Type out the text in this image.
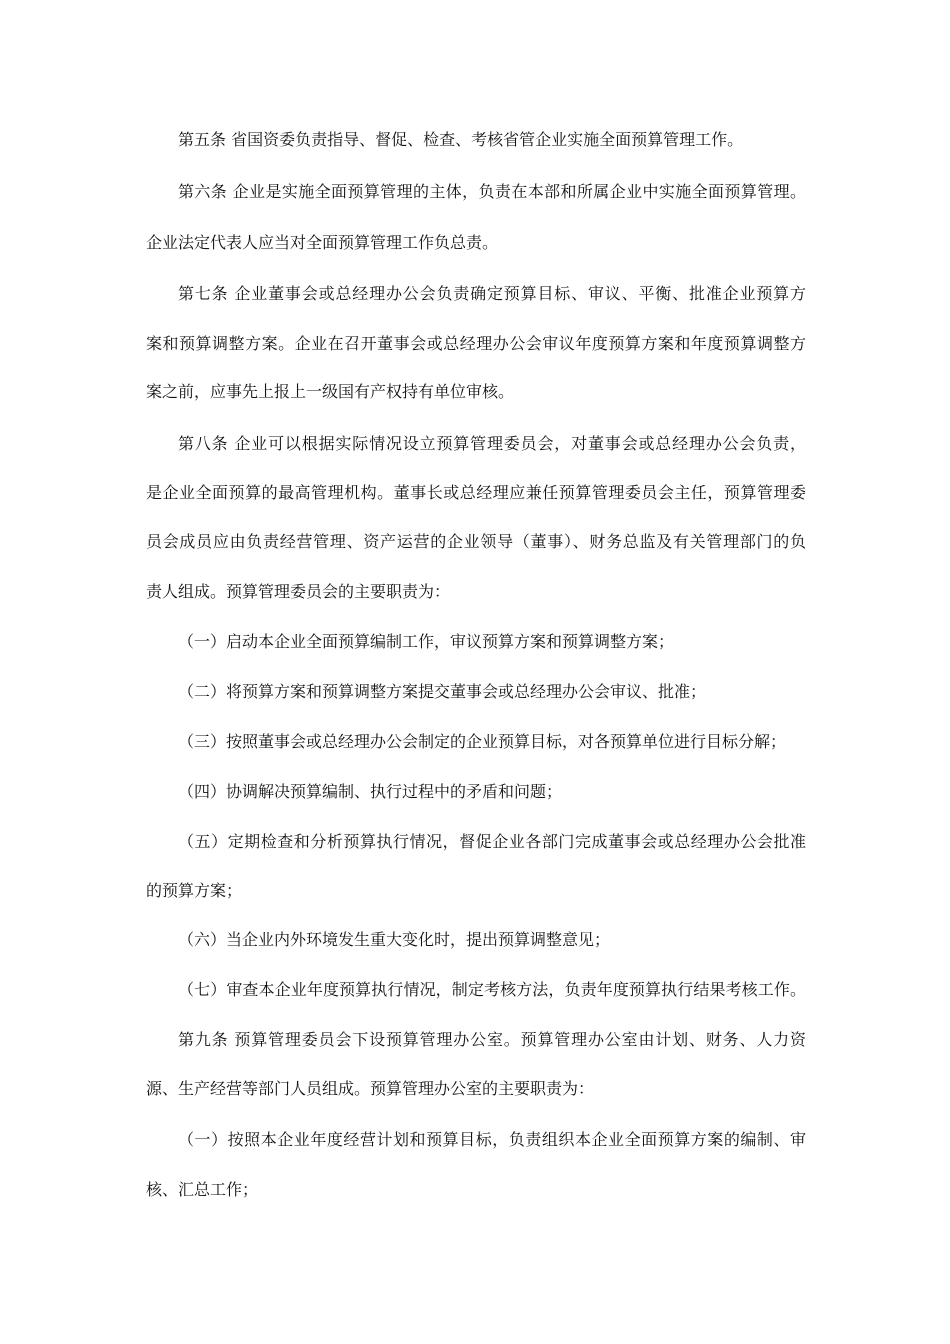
第五条 省国资委负责指导、督促、检查、考核省管企业实施全面预算管理工作。
第六条 企业是实施全面预算管理的主体，负责在本部和所属企业中实施全面预算管理。
企业法定代表人应当对全面预算管理工作负总责。
第七条 企业董事会或总经理办公会负责确定预算目标、审议、平衡、批准企业预算方
案和预算调整方案。企业在召开董事会或总经理办公会审议年度预算方案和年度预算调整方
案之前，应事先上报上一级国有产权持有单位审核。
第八条 企业可以根据实际情况设立预算管理委员会，对董事会或总经理办公会负责，
是企业全面预算的最高管理机构。董事长或总经理应兼任预算管理委员会主任，预算管理委
员会成员应由负责经营管理、资产运营的企业领导（董事）、财务总监及有关管理部门的负
责人组成。预算管理委员会的主要职责为：
（一）启动本企业全面预算编制工作，审议预算方案和预算调整方案；
（二）将预算方案和预算调整方案提交董事会或总经理办公会审议、批准；
（三）按照董事会或总经理办公会制定的企业预算目标，对各预算单位进行目标分解；
（四）协调解决预算编制、执行过程中的矛盾和问题；
（五）定期检查和分析预算执行情况，督促企业各部门完成董事会或总经理办公会批准
的预算方案；
（六）当企业内外环境发生重大变化时，提出预算调整意见；
（七）审查本企业年度预算执行情况，制定考核方法，负责年度预算执行结果考核工作。
第九条 预算管理委员会下设预算管理办公室。预算管理办公室由计划、财务、人力资
源、生产经营等部门人员组成。预算管理办公室的主要职责为：
（一）按照本企业年度经营计划和预算目标，负责组织本企业全面预算方案的编制、审
核、汇总工作；
